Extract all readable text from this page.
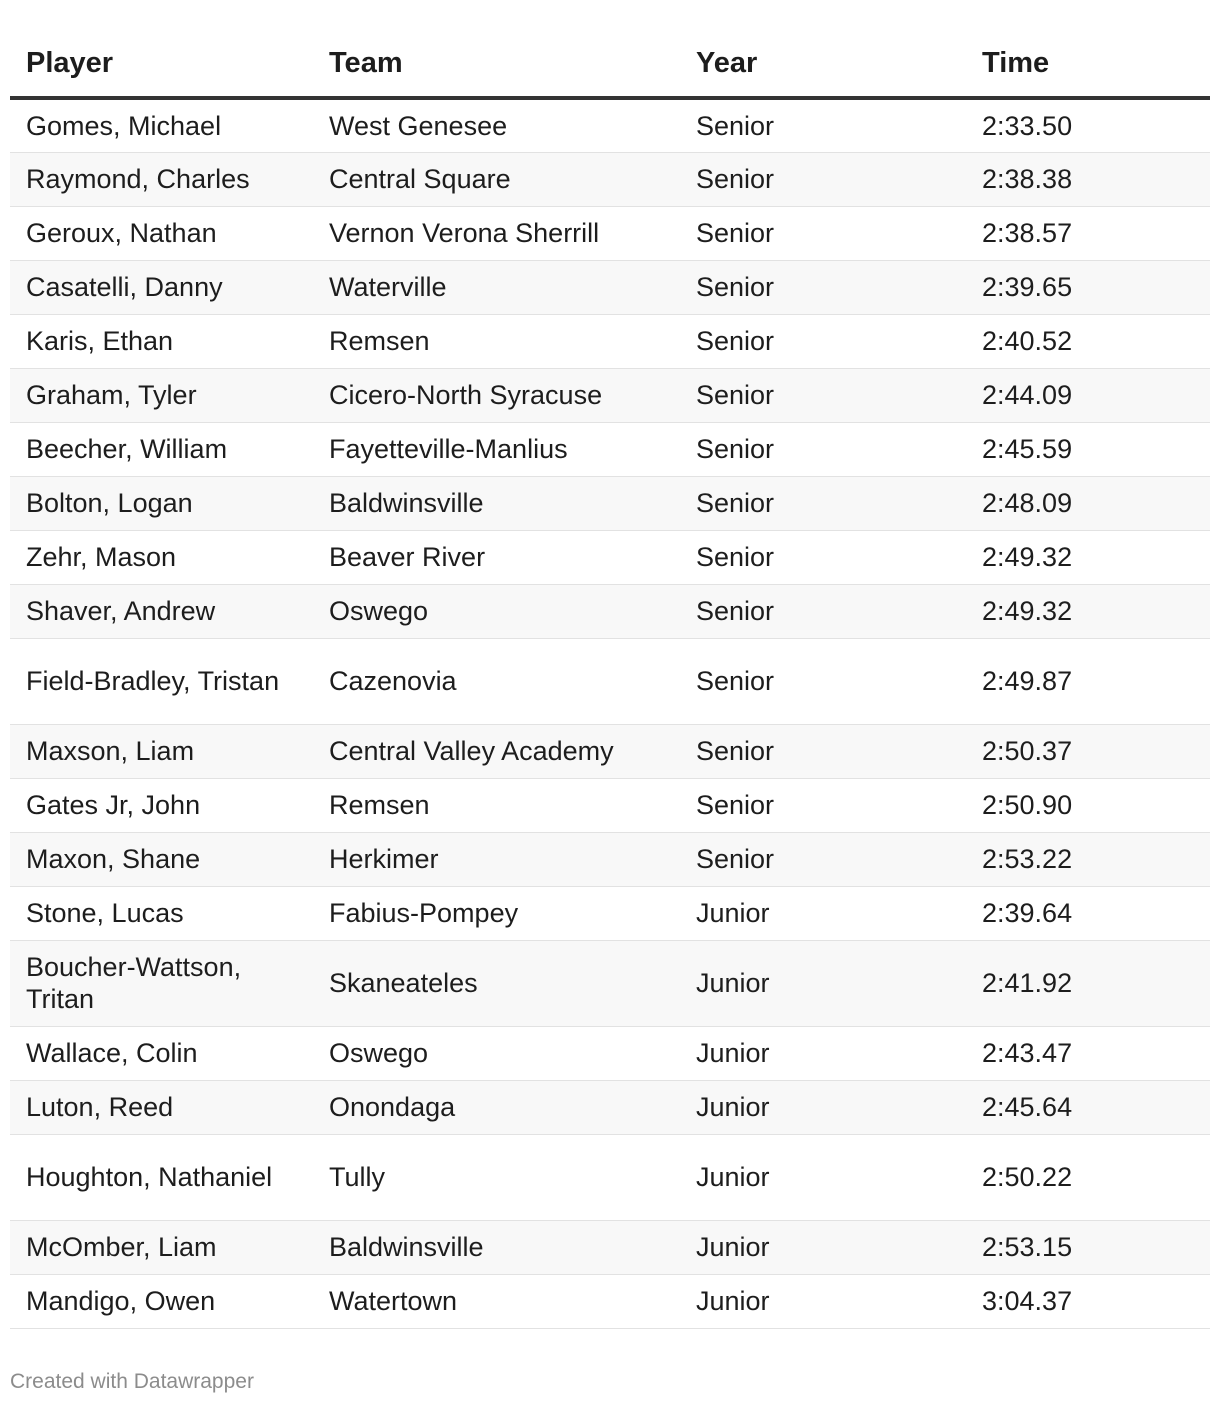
Player	Team	Year	Time
Gomes, Michael	West Genesee	Senior	2:33.50
Raymond, Charles	Central Square	Senior	2:38.38
Geroux, Nathan	Vernon Verona Sherrill	Senior	2:38.57
Casatelli, Danny	Waterville	Senior	2:39.65
Karis, Ethan	Remsen	Senior	2:40.52
Graham, Tyler	Cicero-North Syracuse	Senior	2:44.09
Beecher, William	Fayetteville-Manlius	Senior	2:45.59
Bolton, Logan	Baldwinsville	Senior	2:48.09
Zehr, Mason	Beaver River	Senior	2:49.32
Shaver, Andrew	Oswego	Senior	2:49.32
Field-Bradley, Tristan	Cazenovia	Senior	2:49.87
Maxson, Liam	Central Valley Academy	Senior	2:50.37
Gates Jr, John	Remsen	Senior	2:50.90
Maxon, Shane	Herkimer	Senior	2:53.22
Stone, Lucas	Fabius-Pompey	Junior	2:39.64
Boucher-Wattson, Tritan	Skaneateles	Junior	2:41.92
Wallace, Colin	Oswego	Junior	2:43.47
Luton, Reed	Onondaga	Junior	2:45.64
Houghton, Nathaniel	Tully	Junior	2:50.22
McOmber, Liam	Baldwinsville	Junior	2:53.15
Mandigo, Owen	Watertown	Junior	3:04.37
Created with Datawrapper
